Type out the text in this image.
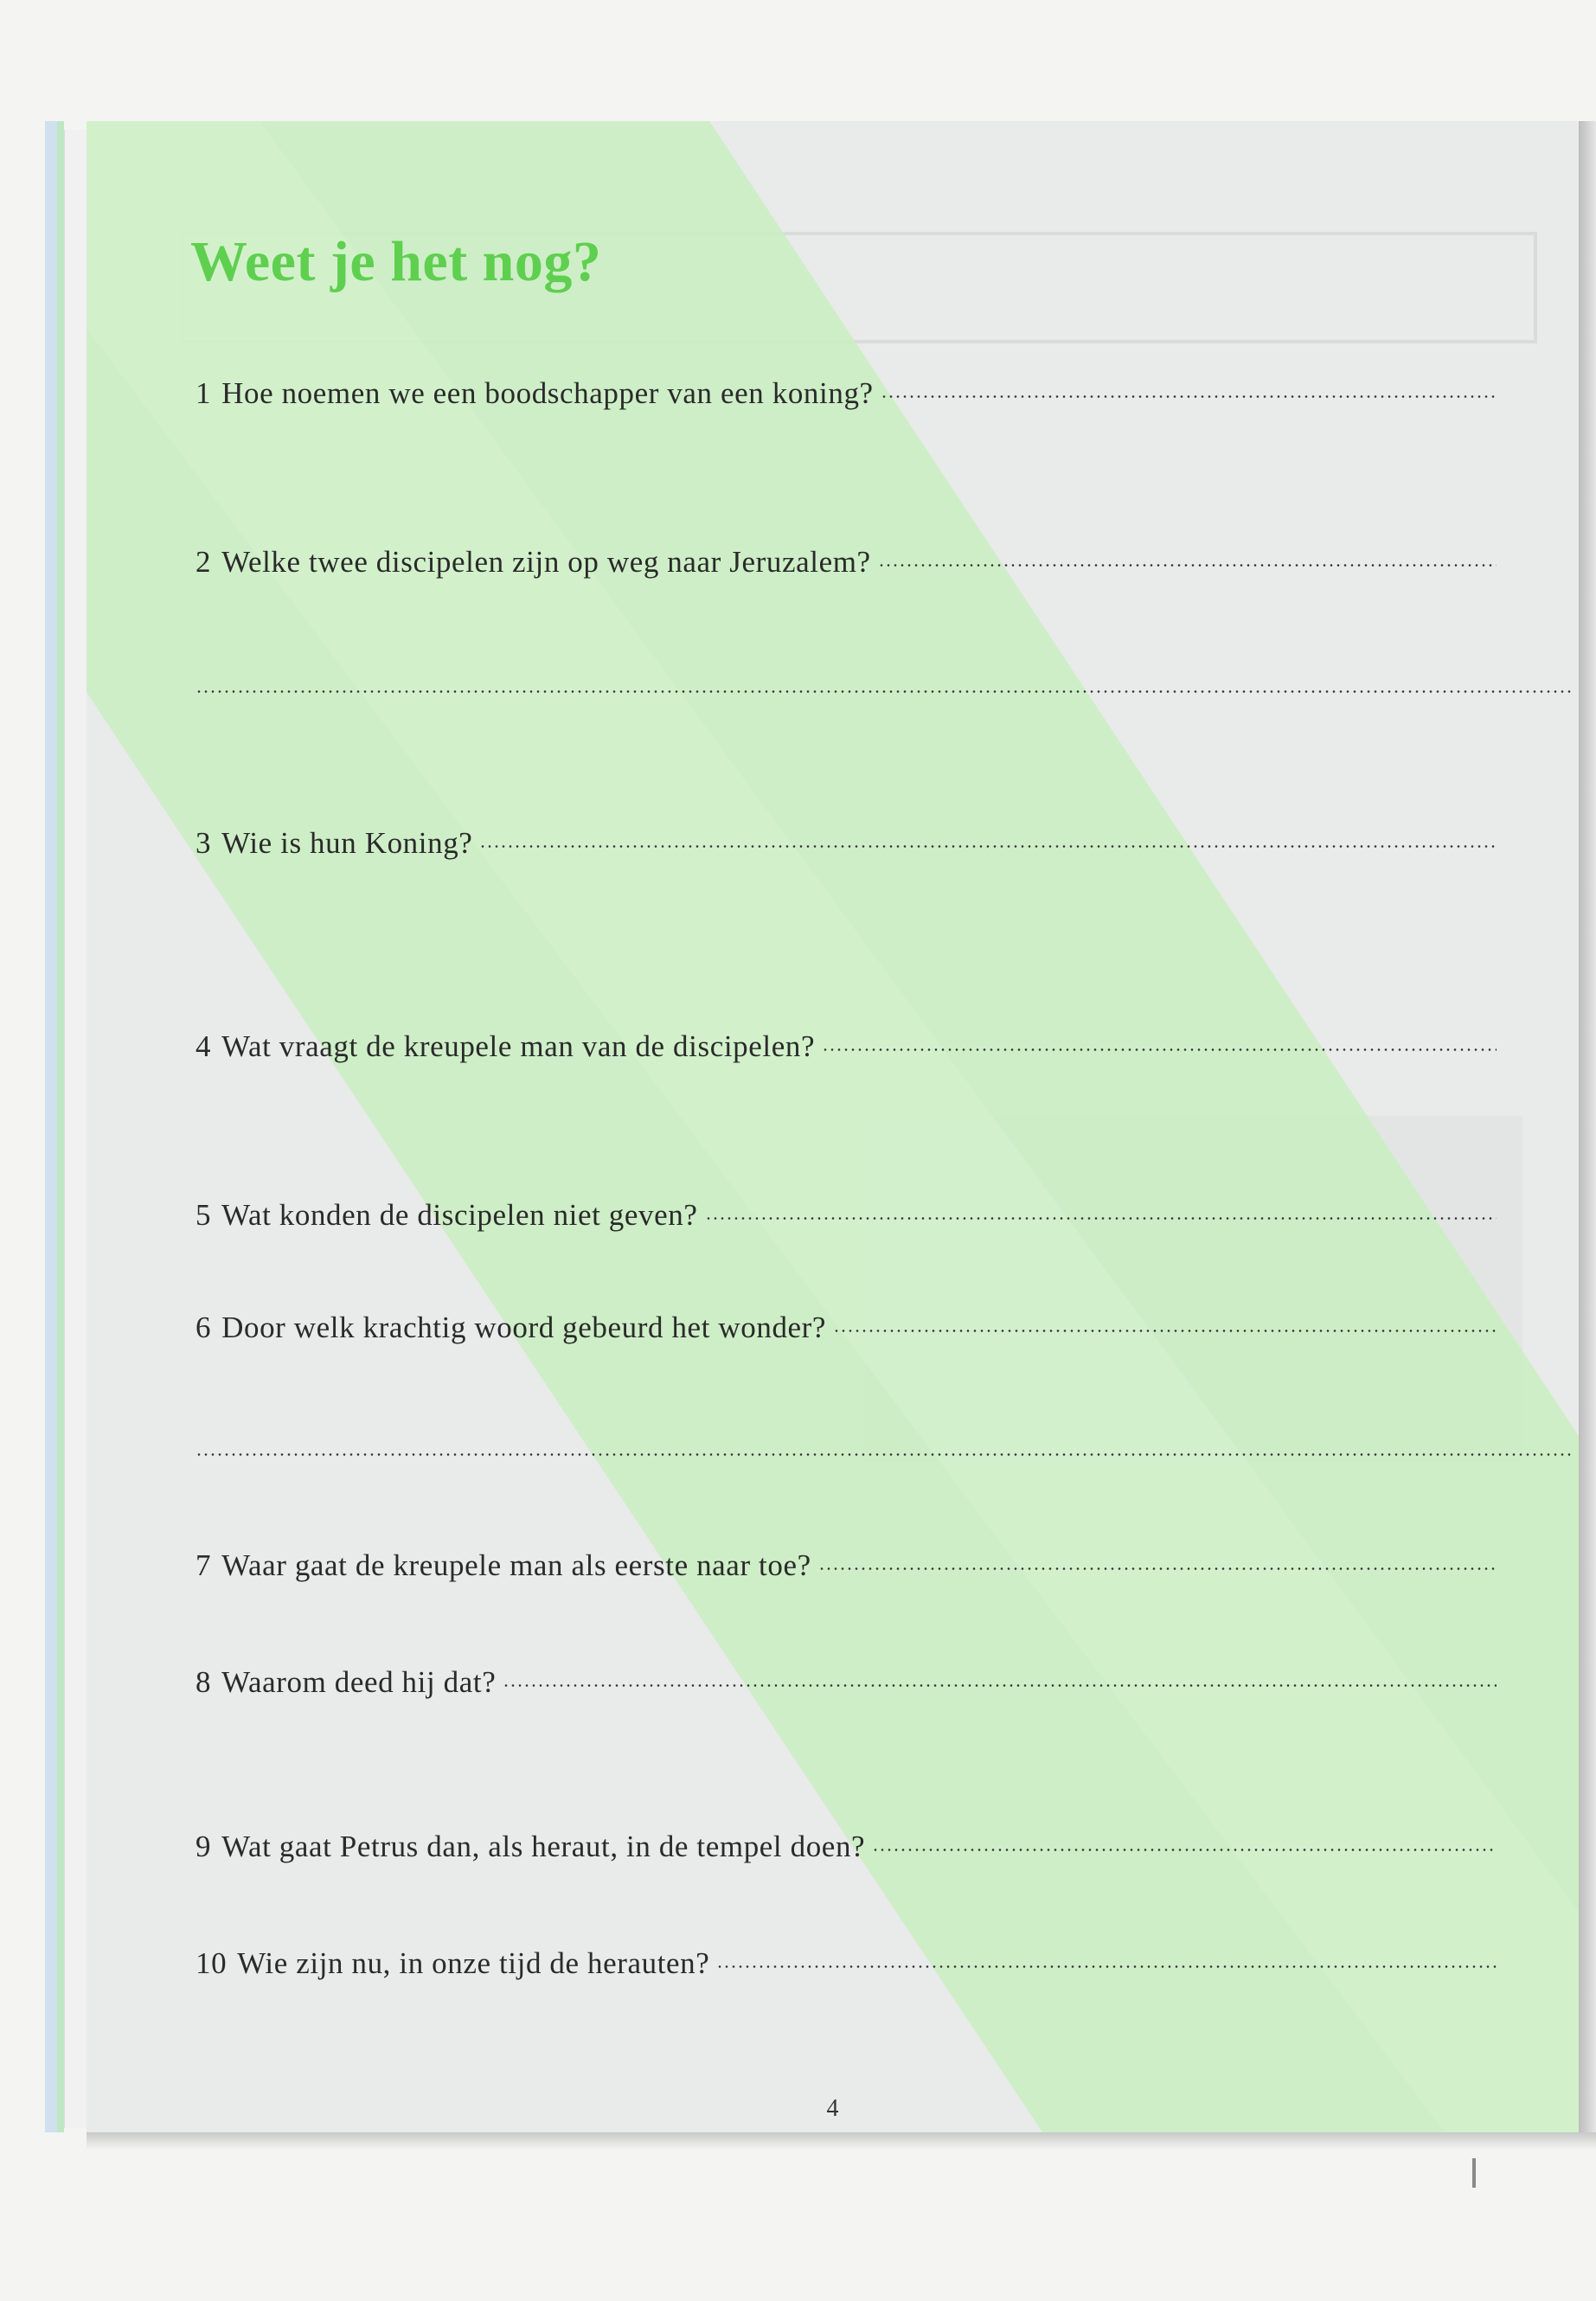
Weet je het nog?
1 Hoe noemen we een boodschapper van een koning?
2 Welke twee discipelen zijn op weg naar Jeruzalem?
3 Wie is hun Koning?
4 Wat vraagt de kreupele man van de discipelen?
5 Wat konden de discipelen niet geven?
6 Door welk krachtig woord gebeurd het wonder?
7 Waar gaat de kreupele man als eerste naar toe?
8 Waarom deed hij dat?
9 Wat gaat Petrus dan, als heraut, in de tempel doen?
10 Wie zijn nu, in onze tijd de herauten?
4
